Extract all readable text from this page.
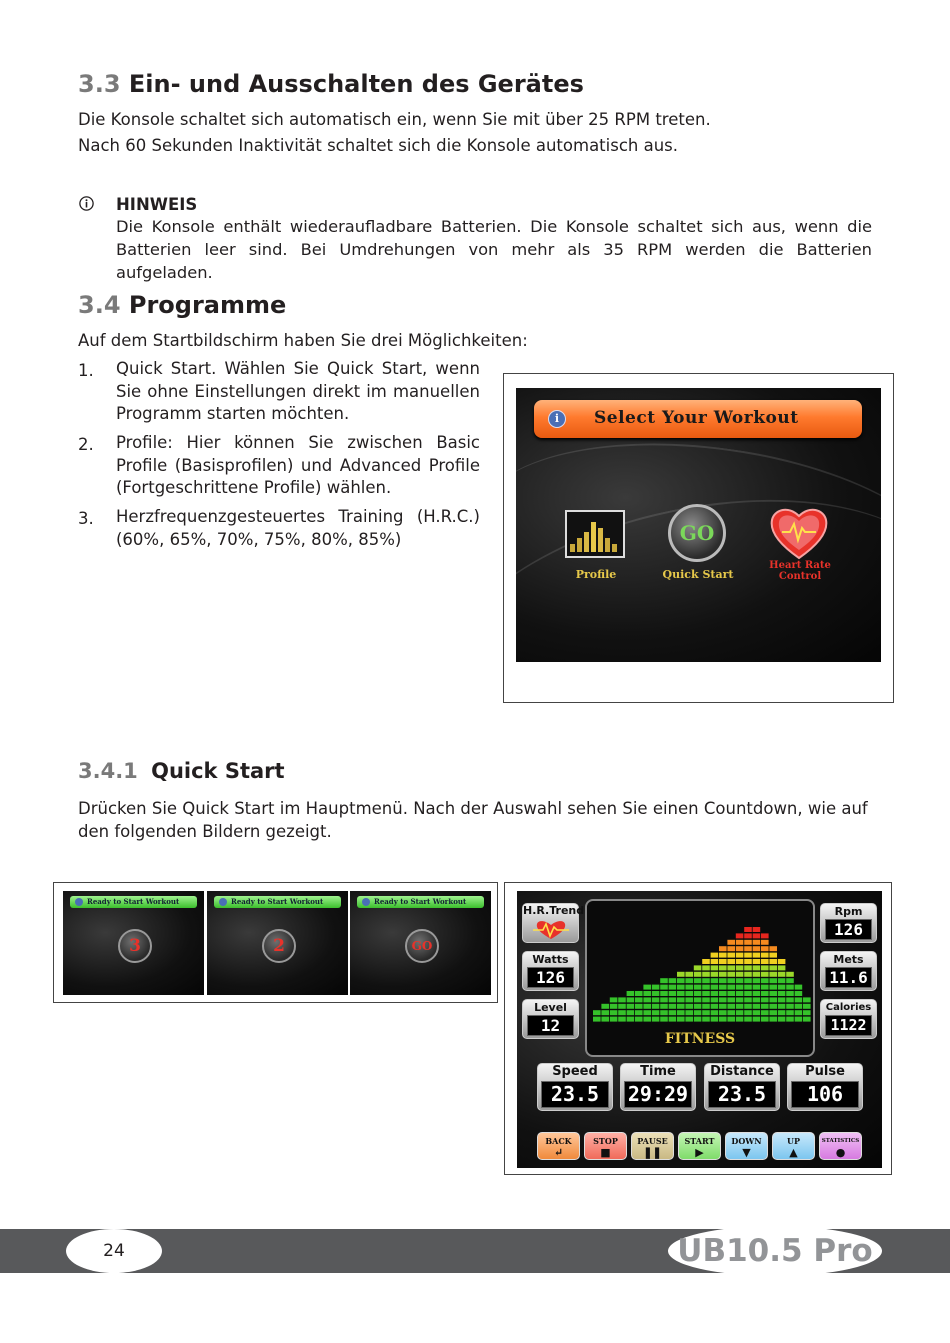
3.3 Ein- und Ausschalten des Gerätes
Die Konsole schaltet sich automatisch ein, wenn Sie mit über 25 RPM treten.
Nach 60 Sekunden Inaktivität schaltet sich die Konsole automatisch aus.
HINWEIS
Die Konsole enthält wiederaufladbare Batterien. Die Konsole schaltet sich aus, wenn die Batterien leer sind. Bei Umdrehungen von mehr als 35 RPM werden die Batterien aufgeladen.
3.4 Programme
Auf dem Startbildschirm haben Sie drei Möglichkeiten:
1. Quick Start. Wählen Sie Quick Start, wenn Sie ohne Einstellungen direkt im manuellen Programm starten möchten.
2. Profile: Hier können Sie zwischen Basic Profile (Basisprofilen) und Advanced Profile (Fortgeschrittene Profile) wählen.
3. Herzfrequenzgesteuertes Training (H.R.C.) (60%, 65%, 70%, 75%, 80%, 85%)
i	Select Your Workout
Profile
GO
Quick Start
Heart Rate Control
3.4.1 Quick Start
Drücken Sie Quick Start im Hauptmenü. Nach der Auswahl sehen Sie einen Countdown, wie auf den folgenden Bildern gezeigt.
Ready to Start Workout
3
Ready to Start Workout
2
Ready to Start Workout
GO
H.R.Trend
Watts
126
Level
12
Rpm
126
Mets
11.6
Calories
1122
FITNESS
Speed
23.5
Time
29:29
Distance
23.5
Pulse
106
BACK
↵
STOP
■
PAUSE
❚❚
START
▶
DOWN
▼
UP
▲
STATISTICS
●
24	UB10.5 Pro
